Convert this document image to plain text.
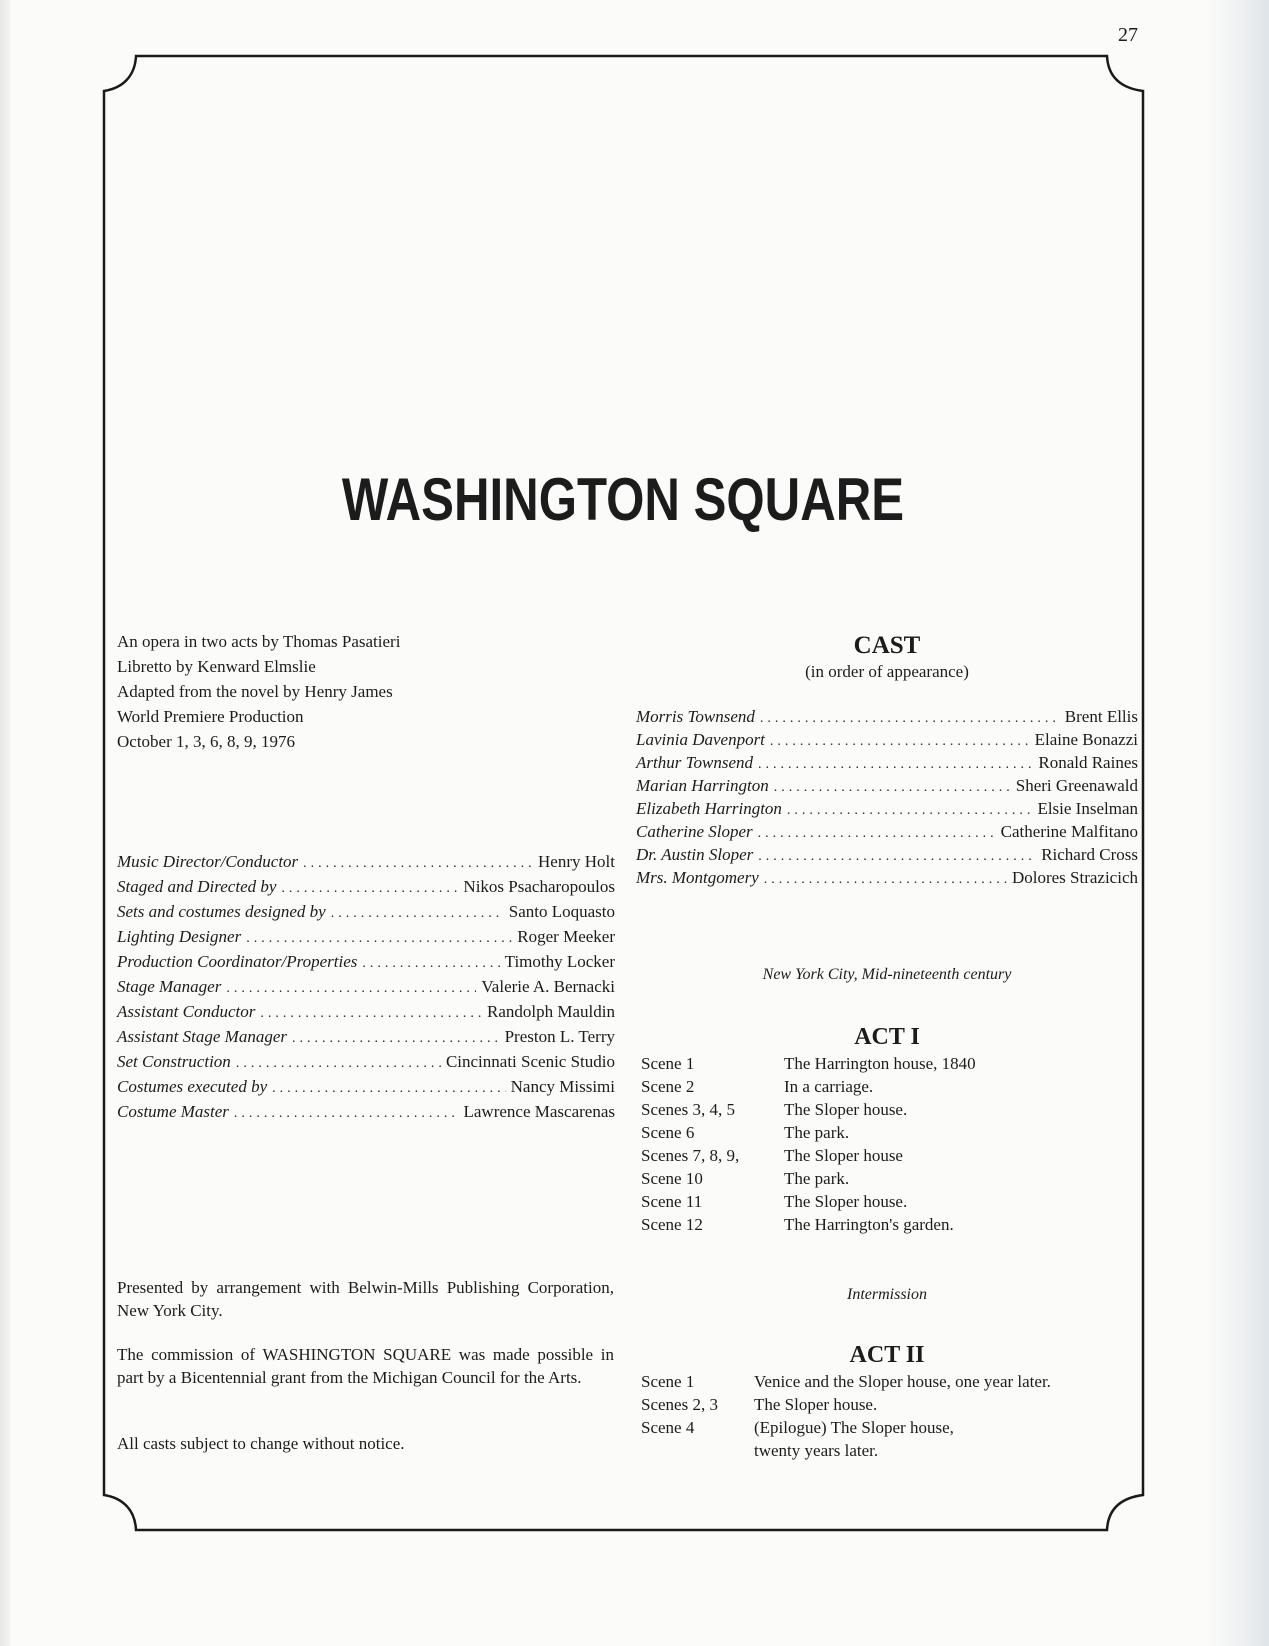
27
WASHINGTON SQUARE
An opera in two acts by Thomas Pasatieri
Libretto by Kenward Elmslie
Adapted from the novel by Henry James
World Premiere Production
October 1, 3, 6, 8, 9, 1976
Music Director/Conductor .....	Henry Holt
Staged and Directed by .....	Nikos Psacharopoulos
Sets and costumes designed by .....	Santo Loquasto
Lighting Designer .....	Roger Meeker
Production Coordinator/Properties .....	Timothy Locker
Stage Manager .....	Valerie A. Bernacki
Assistant Conductor .....	Randolph Mauldin
Assistant Stage Manager .....	Preston L. Terry
Set Construction .....	Cincinnati Scenic Studio
Costumes executed by .....	Nancy Missimi
Costume Master .....	Lawrence Mascarenas
CAST
(in order of appearance)
Morris Townsend .....	Brent Ellis
Lavinia Davenport .....	Elaine Bonazzi
Arthur Townsend .....	Ronald Raines
Marian Harrington .....	Sheri Greenawald
Elizabeth Harrington .....	Elsie Inselman
Catherine Sloper .....	Catherine Malfitano
Dr. Austin Sloper .....	Richard Cross
Mrs. Montgomery .....	Dolores Strazicich
New York City, Mid-nineteenth century
ACT I
Scene 1	The Harrington house, 1840
Scene 2	In a carriage.
Scenes 3, 4, 5	The Sloper house.
Scene 6	The park.
Scenes 7, 8, 9,	The Sloper house
Scene 10	The park.
Scene 11	The Sloper house.
Scene 12	The Harrington's garden.
Intermission
ACT II
Scene 1	Venice and the Sloper house, one year later.
Scenes 2, 3	The Sloper house.
Scene 4	(Epilogue) The Sloper house,
	twenty years later.
Presented by arrangement with Belwin-Mills Publishing Corporation, New York City.
The commission of WASHINGTON SQUARE was made possible in part by a Bicentennial grant from the Michigan Council for the Arts.
All casts subject to change without notice.
